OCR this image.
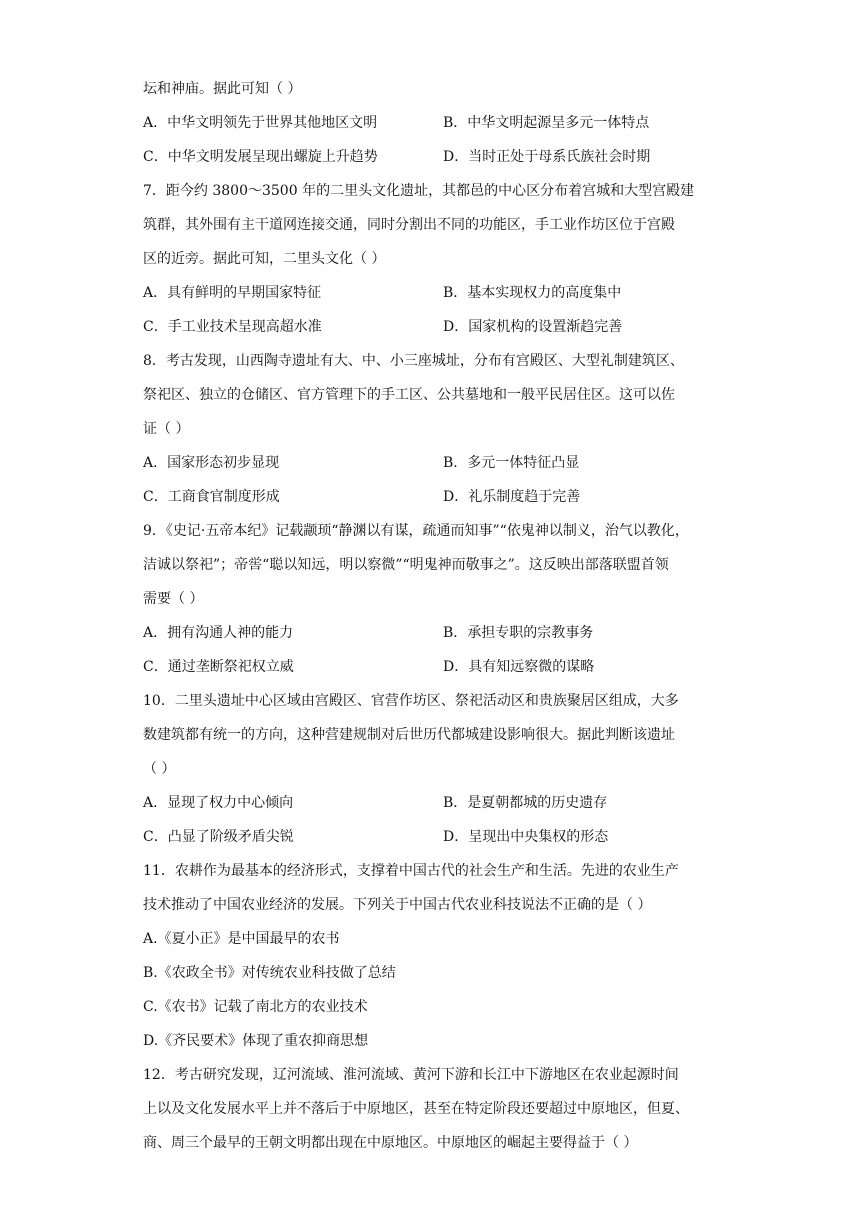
坛和神庙。据此可知（ ）
A．中华文明领先于世界其他地区文明	B．中华文明起源呈多元一体特点
C．中华文明发展呈现出螺旋上升趋势	D．当时正处于母系氏族社会时期
7．距今约 3800～3500 年的二里头文化遗址，其都邑的中心区分布着宫城和大型宫殿建
筑群，其外围有主干道网连接交通，同时分割出不同的功能区，手工业作坊区位于宫殿
区的近旁。据此可知，二里头文化（ ）
A．具有鲜明的早期国家特征	B．基本实现权力的高度集中
C．手工业技术呈现高超水准	D．国家机构的设置渐趋完善
8．考古发现，山西陶寺遗址有大、中、小三座城址，分布有宫殿区、大型礼制建筑区、
祭祀区、独立的仓储区、官方管理下的手工区、公共墓地和一般平民居住区。这可以佐
证（ ）
A．国家形态初步显现	B．多元一体特征凸显
C．工商食官制度形成	D．礼乐制度趋于完善
9．《史记·五帝本纪》记载颛顼“静渊以有谋，疏通而知事”“依鬼神以制义，治气以教化，
洁诚以祭祀”；帝喾“聪以知远，明以察微”“明鬼神而敬事之”。这反映出部落联盟首领
需要（ ）
A．拥有沟通人神的能力	B．承担专职的宗教事务
C．通过垄断祭祀权立威	D．具有知远察微的谋略
10．二里头遗址中心区域由宫殿区、官营作坊区、祭祀活动区和贵族聚居区组成，大多
数建筑都有统一的方向，这种营建规制对后世历代都城建设影响很大。据此判断该遗址
（ ）
A．显现了权力中心倾向	B．是夏朝都城的历史遗存
C．凸显了阶级矛盾尖锐	D．呈现出中央集权的形态
11．农耕作为最基本的经济形式，支撑着中国古代的社会生产和生活。先进的农业生产
技术推动了中国农业经济的发展。下列关于中国古代农业科技说法不正确的是（ ）
A.《夏小正》是中国最早的农书
B.《农政全书》对传统农业科技做了总结
C.《农书》记载了南北方的农业技术
D.《齐民要术》体现了重农抑商思想
12．考古研究发现，辽河流域、淮河流域、黄河下游和长江中下游地区在农业起源时间
上以及文化发展水平上并不落后于中原地区，甚至在特定阶段还要超过中原地区，但夏、
商、周三个最早的王朝文明都出现在中原地区。中原地区的崛起主要得益于（ ）
